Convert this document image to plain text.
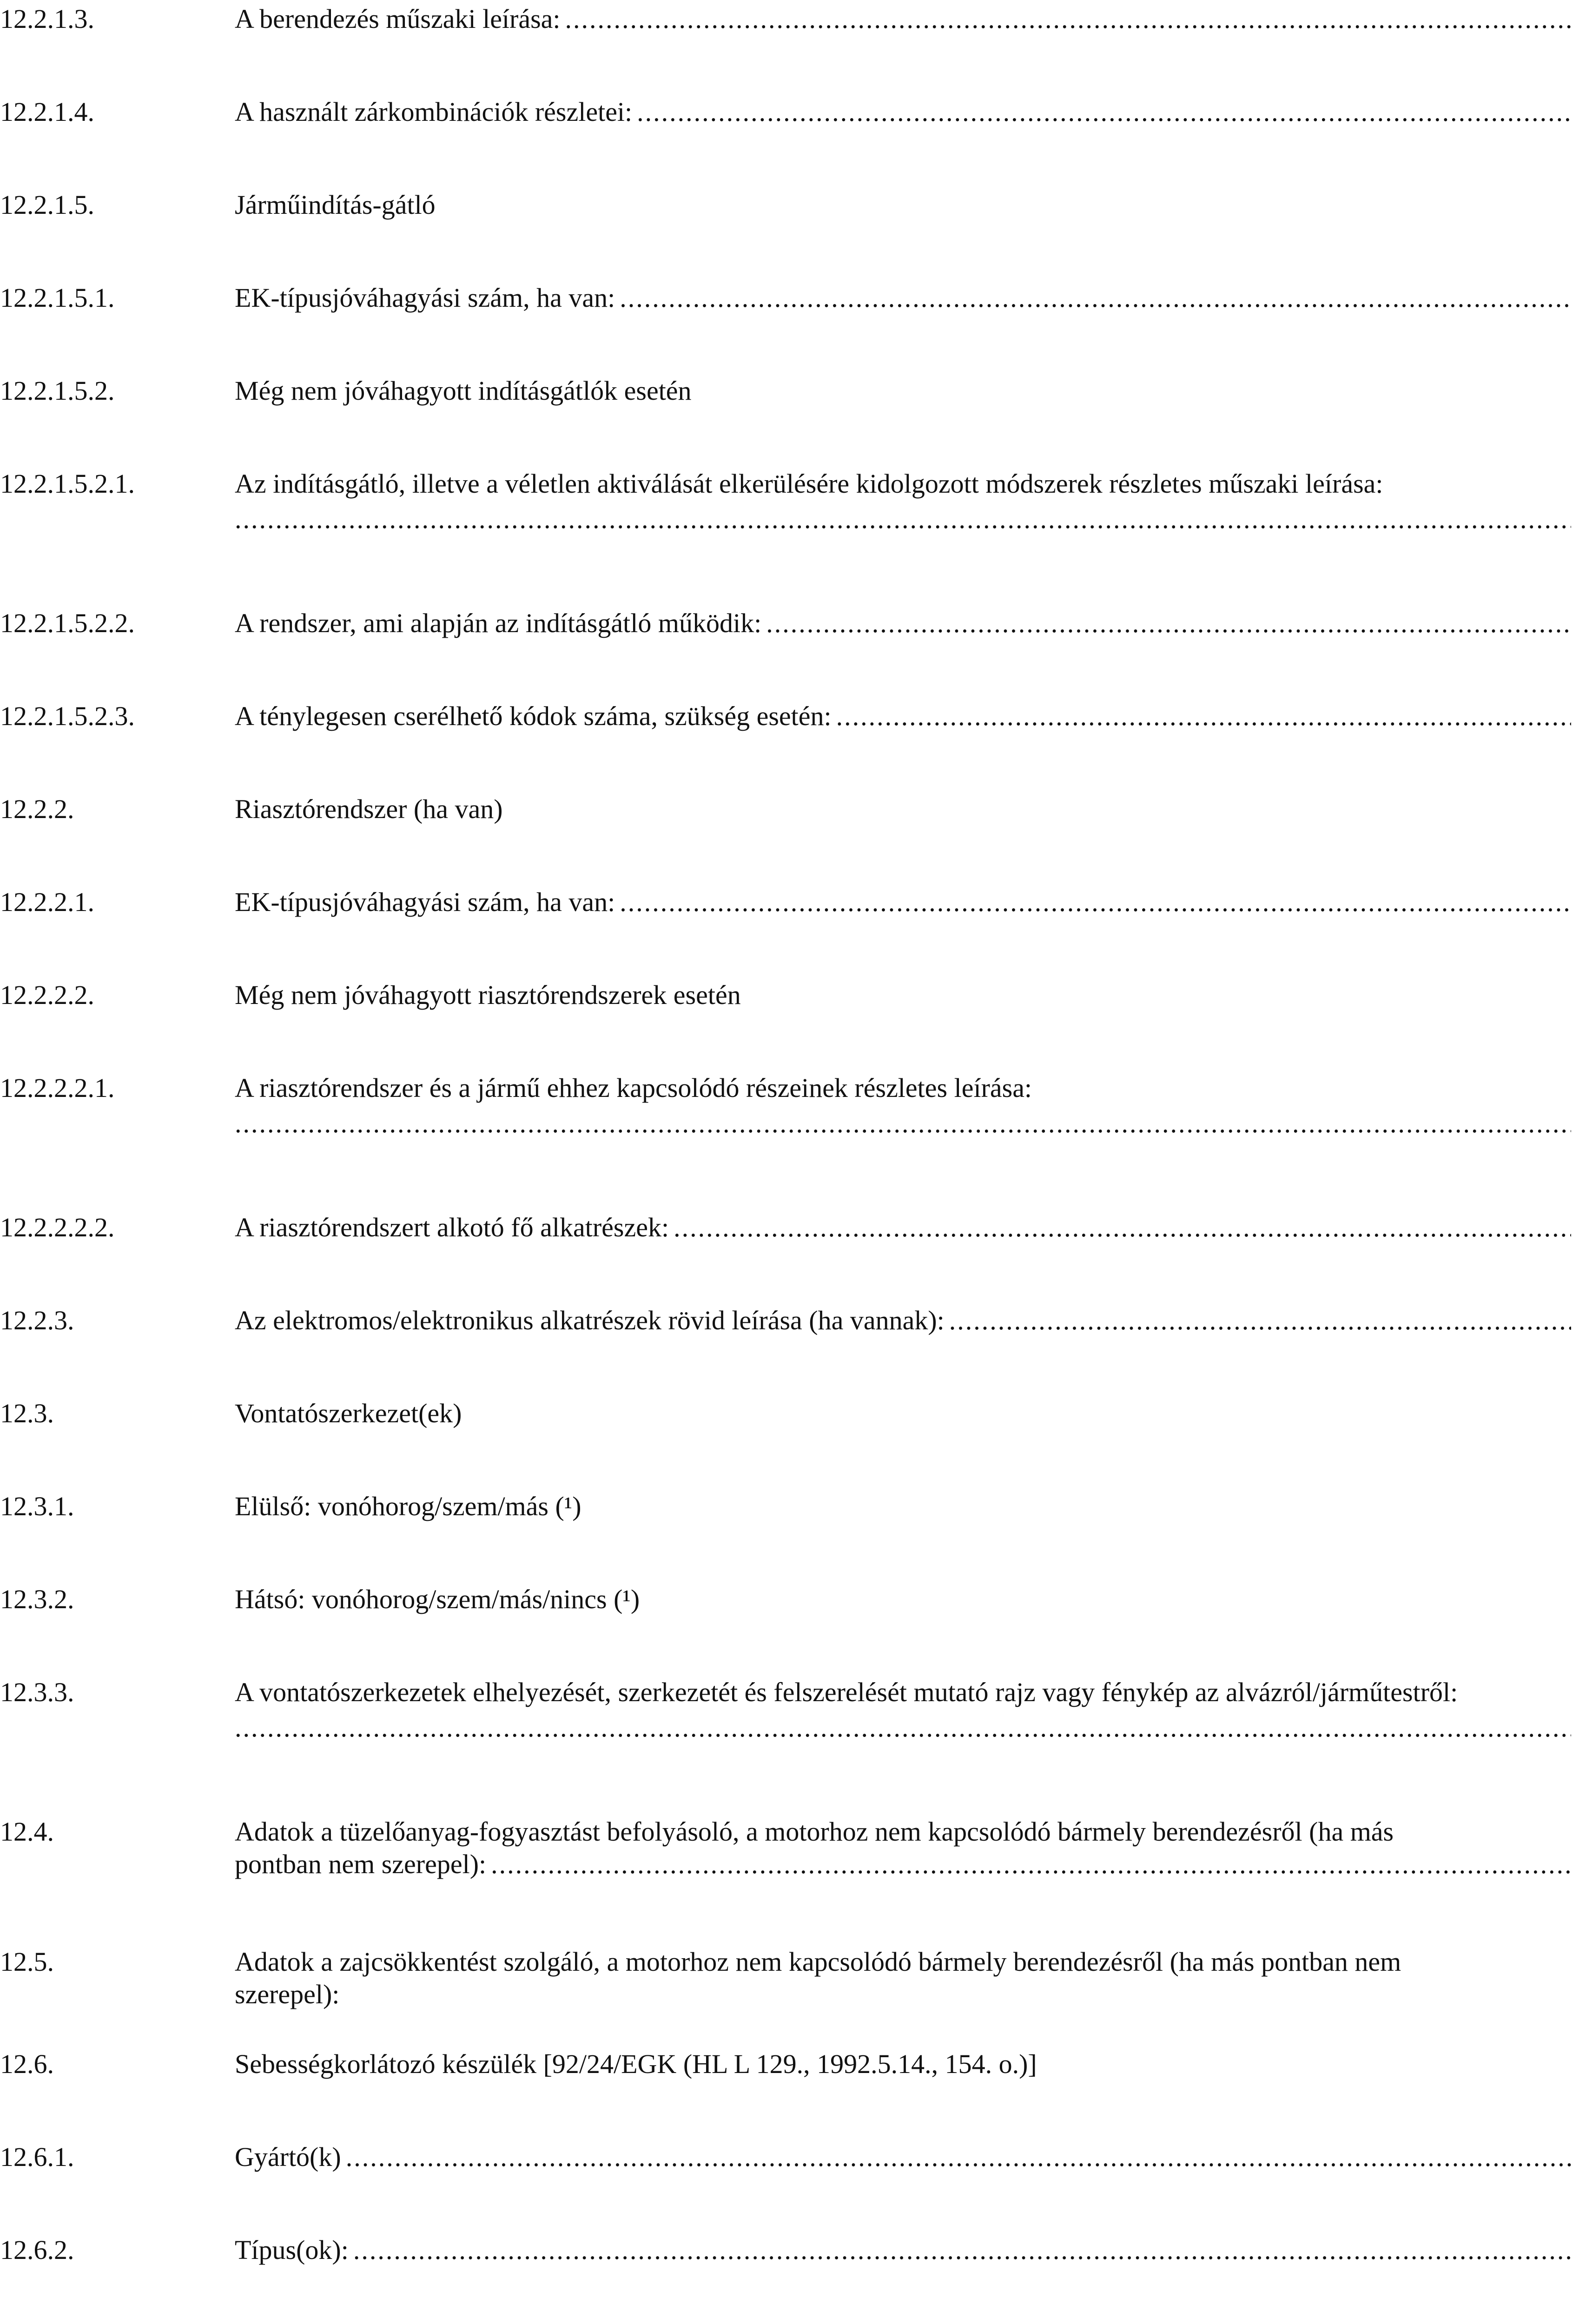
12.2.1.3.	A berendezés műszaki leírása:
.....
12.2.1.4.	A használt zárkombinációk részletei:
.....
12.2.1.5.	Járműindítás-gátló
12.2.1.5.1.	EK-típusjóváhagyási szám, ha van:
.....
12.2.1.5.2.	Még nem jóváhagyott indításgátlók esetén
12.2.1.5.2.1.	Az indításgátló, illetve a véletlen aktiválását elkerülésére kidolgozott módszerek részletes műszaki leírása:
.....
12.2.1.5.2.2.	A rendszer, ami alapján az indításgátló működik:
.....
12.2.1.5.2.3.	A ténylegesen cserélhető kódok száma, szükség esetén:
.....
12.2.2.	Riasztórendszer (ha van)
12.2.2.1.	EK-típusjóváhagyási szám, ha van:
.....
12.2.2.2.	Még nem jóváhagyott riasztórendszerek esetén
12.2.2.2.1.	A riasztórendszer és a jármű ehhez kapcsolódó részeinek részletes leírása:
.....
12.2.2.2.2.	A riasztórendszert alkotó fő alkatrészek:
.....
12.2.3.	Az elektromos/elektronikus alkatrészek rövid leírása (ha vannak):
.....
12.3.	Vontatószerkezet(ek)
12.3.1.	Elülső: vonóhorog/szem/más (¹)
12.3.2.	Hátsó: vonóhorog/szem/más/nincs (¹)
12.3.3.	A vontatószerkezetek elhelyezését, szerkezetét és felszerelését mutató rajz vagy fénykép az alvázról/járműtestről:
.....
12.4.	Adatok a tüzelőanyag-fogyasztást befolyásoló, a motorhoz nem kapcsolódó bármely berendezésről (ha más
pontban nem szerepel):
.....
12.5.	Adatok a zajcsökkentést szolgáló, a motorhoz nem kapcsolódó bármely berendezésről (ha más pontban nem
szerepel):
12.6.	Sebességkorlátozó készülék [92/24/EGK (HL L 129., 1992.5.14., 154. o.)]
12.6.1.	Gyártó(k)
.....
12.6.2.	Típus(ok):
.....
